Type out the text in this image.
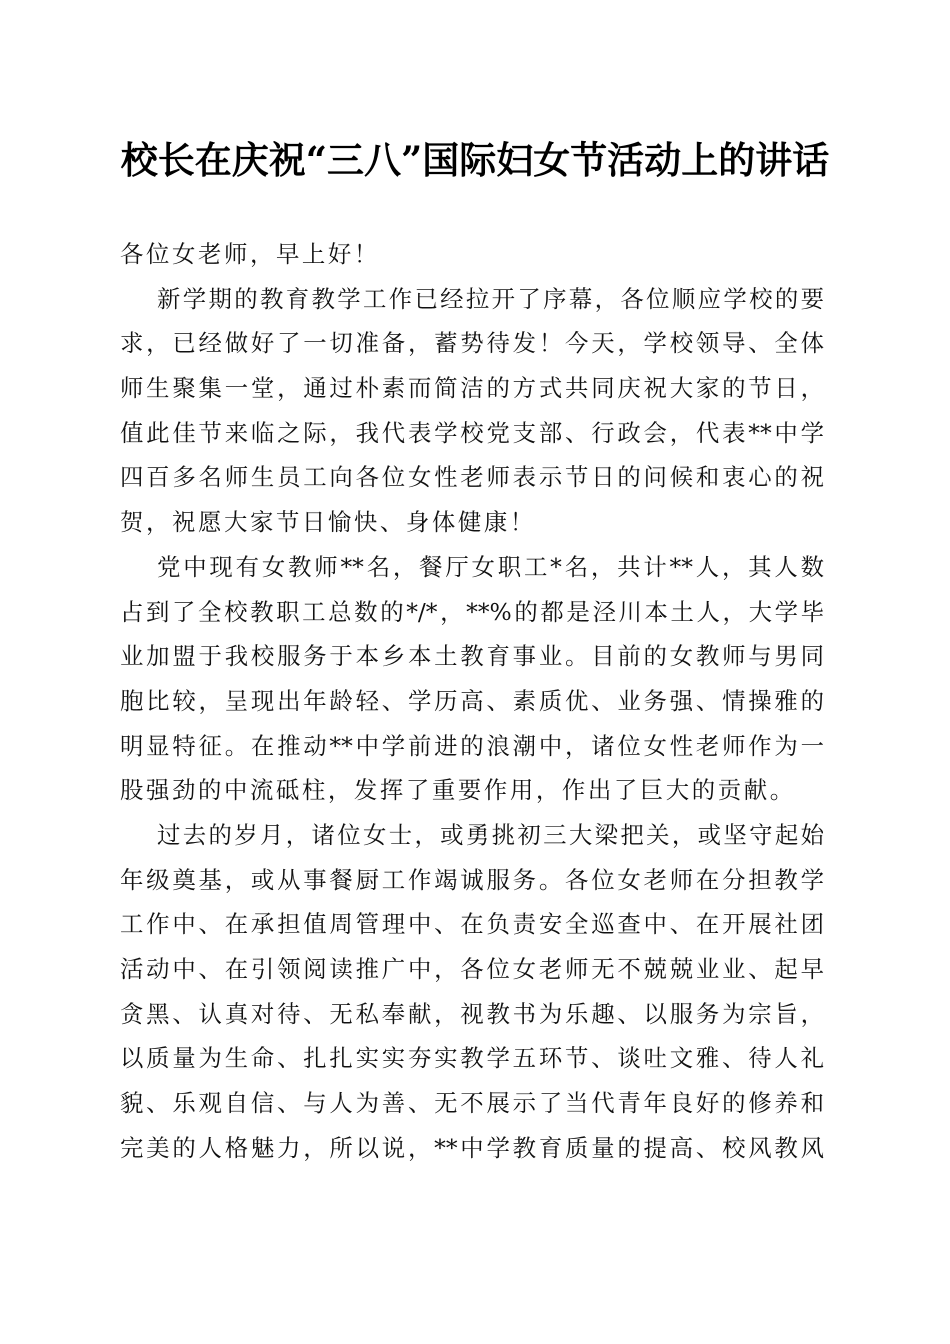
校长在庆祝“三八”国际妇女节活动上的讲话
各位女老师，早上好！
新学期的教育教学工作已经拉开了序幕，各位顺应学校的要
求，已经做好了一切准备，蓄势待发！今天，学校领导、全体
师生聚集一堂，通过朴素而简洁的方式共同庆祝大家的节日，
值此佳节来临之际，我代表学校党支部、行政会，代表**中学
四百多名师生员工向各位女性老师表示节日的问候和衷心的祝
贺，祝愿大家节日愉快、身体健康！
党中现有女教师**名，餐厅女职工*名，共计**人，其人数
占到了全校教职工总数的*/*，**%的都是泾川本土人，大学毕
业加盟于我校服务于本乡本土教育事业。目前的女教师与男同
胞比较，呈现出年龄轻、学历高、素质优、业务强、情操雅的
明显特征。在推动**中学前进的浪潮中，诸位女性老师作为一
股强劲的中流砥柱，发挥了重要作用，作出了巨大的贡献。
过去的岁月，诸位女士，或勇挑初三大梁把关，或坚守起始
年级奠基，或从事餐厨工作竭诚服务。各位女老师在分担教学
工作中、在承担值周管理中、在负责安全巡查中、在开展社团
活动中、在引领阅读推广中，各位女老师无不兢兢业业、起早
贪黑、认真对待、无私奉献，视教书为乐趣、以服务为宗旨，
以质量为生命、扎扎实实夯实教学五环节、谈吐文雅、待人礼
貌、乐观自信、与人为善、无不展示了当代青年良好的修养和
完美的人格魅力，所以说，**中学教育质量的提高、校风教风
